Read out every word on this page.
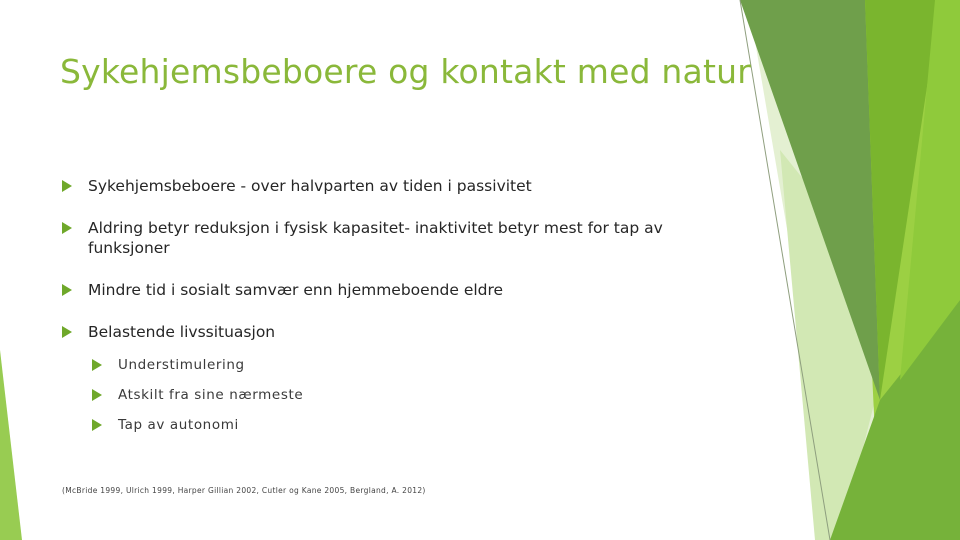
Sykehjemsbeboere og kontakt med natur
Sykehjemsbeboere - over halvparten av tiden i passivitet
Aldring betyr reduksjon i fysisk kapasitet- inaktivitet betyr mest for tap av funksjoner
Mindre tid i sosialt samvær enn hjemmeboende eldre
Belastende livssituasjon
Understimulering
Atskilt fra sine nærmeste
Tap av autonomi
(McBride 1999, Ulrich 1999, Harper Gillian 2002, Cutler og Kane 2005, Bergland, A. 2012)
